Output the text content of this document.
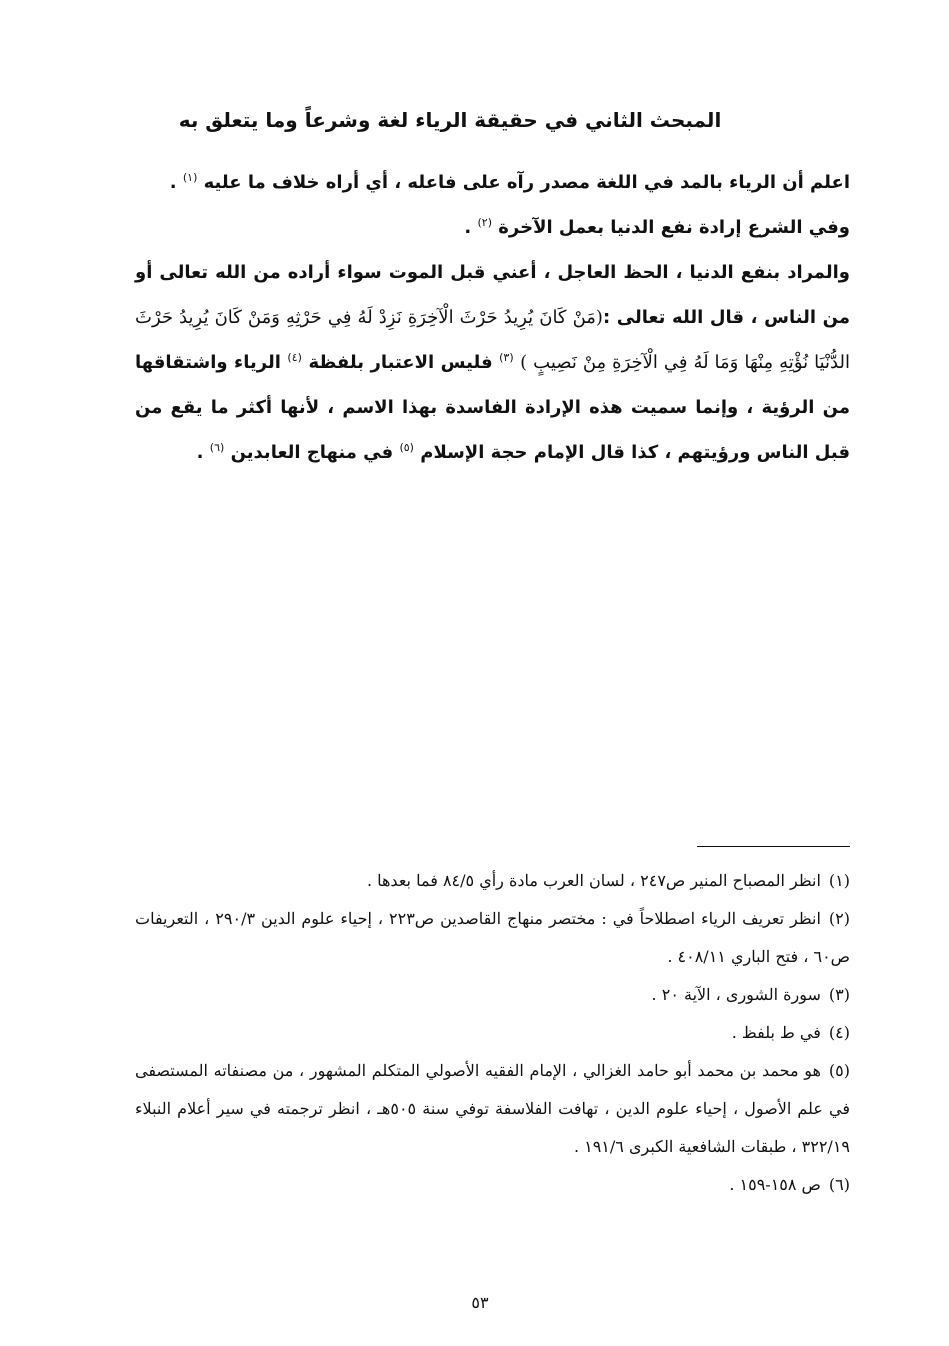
المبحث الثاني في حقيقة الرياء لغة وشرعاً وما يتعلق به

اعلم أن الرياء بالمد في اللغة مصدر رآه على فاعله ، أي أراه خلاف ما عليه $^{(١)}$ .

وفي الشرع إرادة نفع الدنيا بعمل الآخرة $^{(٢)}$ .

والمراد بنفع الدنيا ، الحظ العاجل ، أعني قبل الموت سواء أراده من الله تعالى أو من الناس ، قال الله تعالى :(مَنْ كَانَ يُرِيدُ حَرْثَ الْآخِرَةِ نَزِدْ لَهُ فِي حَرْثِهِ وَمَنْ كَانَ يُرِيدُ حَرْثَ الدُّنْيَا نُؤْتِهِ مِنْهَا وَمَا لَهُ فِي الْآخِرَةِ مِنْ نَصِيبٍ ) $^{(٣)}$ فليس الاعتبار بلفظة $^{(٤)}$ الرياء واشتقاقها من الرؤية ، وإنما سميت هذه الإرادة الفاسدة بهذا الاسم ، لأنها أكثر ما يقع من قبل الناس ورؤيتهم ، كذا قال الإمام حجة الإسلام $^{(٥)}$ في منهاج العابدين $^{(٦)}$ .

(١)انظر المصباح المنير ص٢٤٧ ، لسان العرب مادة رأي ٨٤/٥ فما بعدها .

(٢)انظر تعريف الرياء اصطلاحاً في : مختصر منهاج القاصدين ص٢٢٣ ، إحياء علوم الدين ٢٩٠/٣ ، التعريفات ص٦٠ ، فتح الباري ٤٠٨/١١ .

(٣)سورة الشورى ، الآية ٢٠ .

(٤)في ط بلفظ .

(٥)هو محمد بن محمد أبو حامد الغزالي ، الإمام الفقيه الأصولي المتكلم المشهور ، من مصنفاته المستصفى في علم الأصول ، إحياء علوم الدين ، تهافت الفلاسفة توفي سنة ٥٠٥هـ ، انظر ترجمته في سير أعلام النبلاء ٣٢٢/١٩ ، طبقات الشافعية الكبرى ١٩١/٦ .

(٦)ص ١٥٨-١٥٩ .

٥٣
